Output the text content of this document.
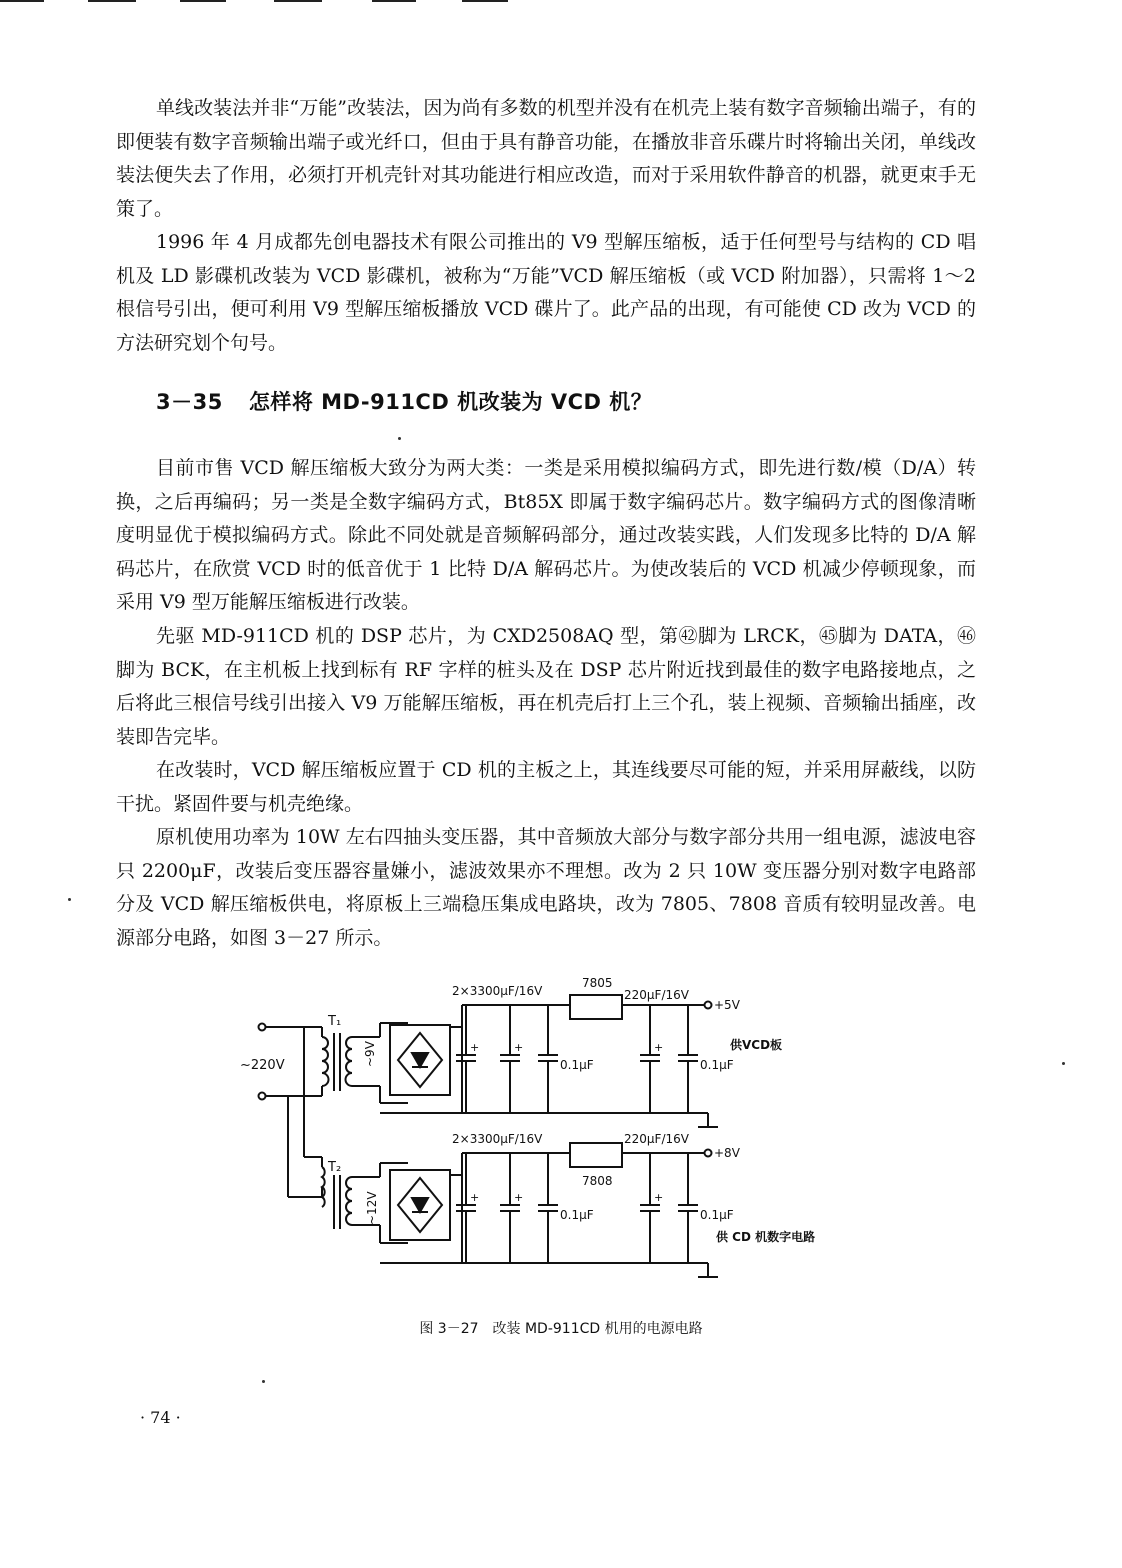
单线改装法并非“万能”改装法，因为尚有多数的机型并没有在机壳上装有数字音频输出端子，有的即便装有数字音频输出端子或光纤口，但由于具有静音功能，在播放非音乐碟片时将输出关闭，单线改装法便失去了作用，必须打开机壳针对其功能进行相应改造，而对于采用软件静音的机器，就更束手无策了。

1996 年 4 月成都先创电器技术有限公司推出的 V9 型解压缩板，适于任何型号与结构的 CD 唱机及 LD 影碟机改装为 VCD 影碟机，被称为“万能”VCD 解压缩板（或 VCD 附加器），只需将 1～2 根信号引出，便可利用 V9 型解压缩板播放 VCD 碟片了。此产品的出现，有可能使 CD 改为 VCD 的方法研究划个句号。

3－35 怎样将 MD-911CD 机改装为 VCD 机？

目前市售 VCD 解压缩板大致分为两大类：一类是采用模拟编码方式，即先进行数/模（D/A）转换，之后再编码；另一类是全数字编码方式，Bt85X 即属于数字编码芯片。数字编码方式的图像清晰度明显优于模拟编码方式。除此不同处就是音频解码部分，通过改装实践，人们发现多比特的 D/A 解码芯片，在欣赏 VCD 时的低音优于 1 比特 D/A 解码芯片。为使改装后的 VCD 机减少停顿现象，而采用 V9 型万能解压缩板进行改装。

先驱 MD-911CD 机的 DSP 芯片，为 CXD2508AQ 型，第㊷脚为 LRCK，㊺脚为 DATA，㊻脚为 BCK，在主机板上找到标有 RF 字样的桩头及在 DSP 芯片附近找到最佳的数字电路接地点，之后将此三根信号线引出接入 V9 万能解压缩板，再在机壳后打上三个孔，装上视频、音频输出插座，改装即告完毕。

在改装时，VCD 解压缩板应置于 CD 机的主板之上，其连线要尽可能的短，并采用屏蔽线，以防干扰。紧固件要与机壳绝缘。

原机使用功率为 10W 左右四抽头变压器，其中音频放大部分与数字部分共用一组电源，滤波电容只 2200μF，改装后变压器容量嫌小，滤波效果亦不理想。改为 2 只 10W 变压器分别对数字电路部分及 VCD 解压缩板供电，将原板上三端稳压集成电路块，改为 7805、7808 音质有较明显改善。电源部分电路，如图 3－27 所示。

~220V
T₁
~9V
7805
+5V
2×3300μF/16V	220μF/16V
+	+	+
0.1μF	0.1μF
供VCD板
T₂
~12V
7808
+8V
2×3300μF/16V	220μF/16V
+	+	+
0.1μF	0.1μF
供 CD 机数字电路
图 3－27 改装 MD-911CD 机用的电源电路
· 74 ·
